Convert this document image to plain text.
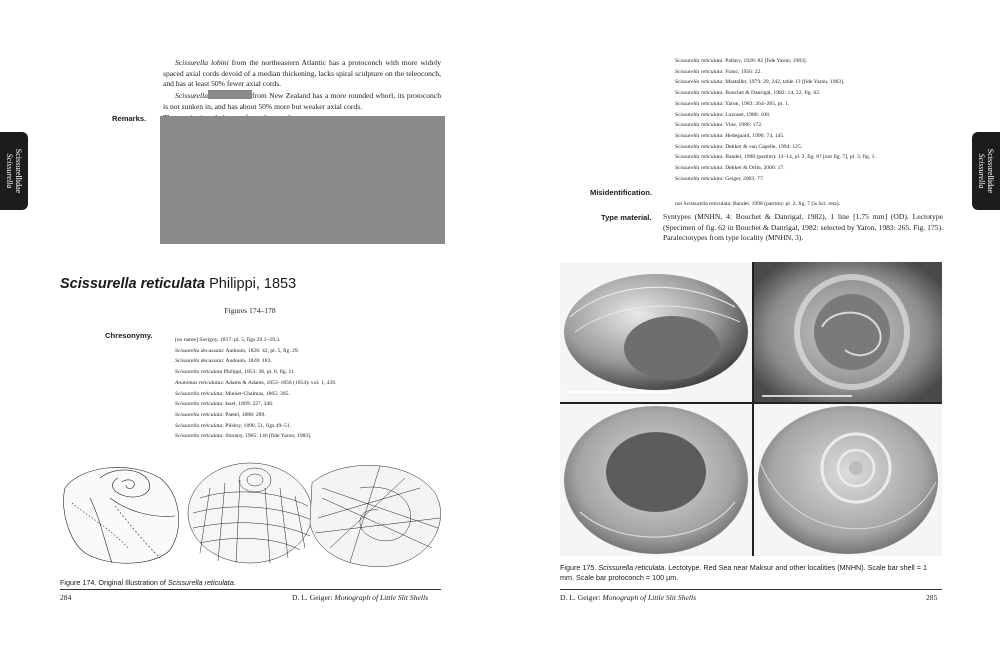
Scissurellidae
Scissurella	Scissurellidae
Scissurella
Scissurella lobini from the northeastern Atlantic has a protoconch with more widely spaced axial cords devoid of a median thickening, lacks spiral sculpture on the teleoconch, and has at least 50% fewer axial cords.
Scissurella	from New Zealand has a more rounded whorl, its protoconch is not sunken in, and has about 50% more but weaker axial cords.
Remarks.
Scissurella reticulata Philippi, 1853
Figures 174–178
Chresonymy.	[no name] Savigny, 1817: pl. 5, figs 29.1–29.3.
Scissurella decussata: Audouin, 1826: 42, pl. 5, fig. 29.
Scissurella decussata: Audouin, 1828: 183.
Scissurella reticulata Philippi, 1853: 38, pl. 6, fig. 11.
Anatomus reticulatus: Adams & Adams, 1853–1858 (1854): vol. 1, 439.
Scissurella reticulata: Munier-Chalmas, 1865: 395.
Scissurella reticulata: Issel, 1869: 227, 346.
Scissurella reticulata: Paetel, 1888: 289.
Scissurella reticulata: Pilsbry, 1890, 51, figs 49–51.
Scissurella reticulata: Sturany, 1905: 146 [fide Yaron, 1983].
Figure 174. Original Illustration of Scissurella reticulata.
284	D. L. Geiger: Monograph of Little Slit Shells
Scissurella reticulata: Pallary, 1926: 82 [fide Yaron, 1983].
Scissurella reticulata: Franc, 1956: 22.
Scissurella reticulata: Mastaller, 1979: 29, 242, table 13 [fide Yaron, 1983].
Scissurella reticulata: Bouchet & Danrigal, 1982: 14, 22, fig. 62.
Scissurella reticulata: Yaron, 1983: 264–265, pl. 1.
Scissurella reticulata: Lozouet, 1986: 108.
Scissurella reticulata: Vine, 1986: 172.
Scissurella reticulata: Hedegaard, 1990: 74, 145.
Scissurella reticulata: Dekker & van Capelle, 1994: 125.
Scissurella reticulata: Bandel, 1998 (partim): 13–14, pl. 2, fig. 8? [not fig. 7], pl. 3, fig. 1.
Scissurella reticulata: Dekker & Orlin, 2000: 17.
Scissurella reticulata: Geiger, 2003: 77.
Misidentification.
not Scissurella reticulata: Bandel, 1998 (partim): pl. 2, fig. 7 [is Sci. reta].
Type material. Syntypes (MNHN, 4: Bouchet & Danrigal, 1982), 1 line [1.75 mm] (OD). Lectotype (Specimen of fig. 62 in Bouchet & Danrigal, 1982: selected by Yaron, 1983: 265. Fig. 175). Paralectotypes from type locality (MNHN, 3).
Figure 175. Scissurella reticulata. Lectotype. Red Sea near Maksur and other localities (MNHN). Scale bar shell = 1 mm. Scale bar protoconch = 100 µm.
D. L. Geiger: Monograph of Little Slit Shells	285
